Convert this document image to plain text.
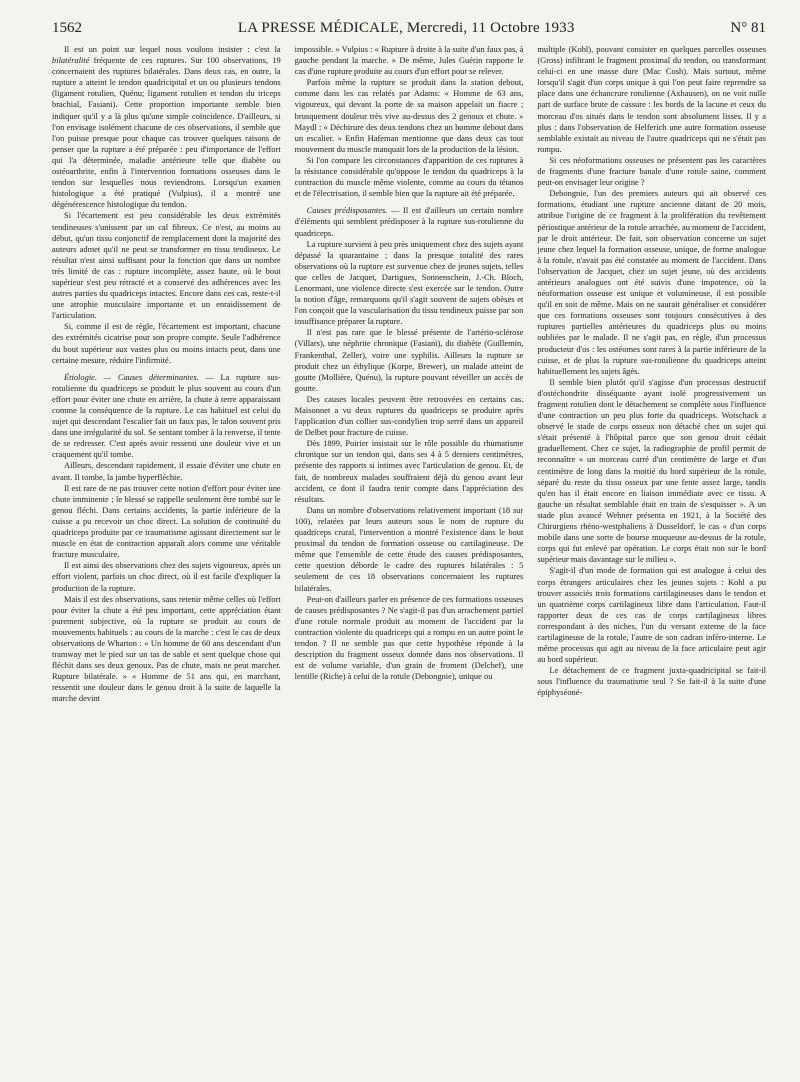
1562	LA PRESSE MÉDICALE, Mercredi, 11 Octobre 1933	N° 81

Il est un point sur lequel nous voulons insister : c'est la bilatéralité fréquente de ces ruptures. Sur 100 observations, 19 concernaient des ruptures bilatérales. Dans deux cas, en outre, la rupture a atteint le tendon quadricipital et un ou plusieurs tendons (ligament rotulien, Quénu; ligament rotulien et tendon du triceps brachial, Fasiani). Cette proportion importante semble bien indiquer qu'il y a là plus qu'une simple coïncidence. D'ailleurs, si l'on envisage isolément chacune de ces observations, il semble que l'on puisse presque pour chaque cas trouver quelques raisons de penser que la rupture a été préparée : peu d'importance de l'effort qui l'a déterminée, maladie antérieure telle que diabète ou ostéoarthrite, enfin à l'intervention formations osseuses dans le tendon sur lesquelles nous reviendrons. Lorsqu'un examen histologique a été pratiqué (Vulpius), il a montré une dégénérescence histologique du tendon.

Si l'écartement est peu considérable les deux extrémités tendineuses s'unissent par un cal fibreux. Ce n'est, au moins au début, qu'un tissu conjonctif de remplacement dont la majorité des auteurs admet qu'il ne peut se transformer en tissu tendineux. Le résultat n'est ainsi suffisant pour la fonction que dans un nombre très limité de cas : rupture incomplète, assez haute, où le bout supérieur s'est peu rétracté et a conservé des adhérences avec les autres parties du quadriceps intactes. Encore dans ces cas, reste-t-il une atrophie musculaire importante et un enraidissement de l'articulation.

Si, comme il est de règle, l'écartement est important, chacune des extrémités cicatrise pour son propre compte. Seule l'adhérence du bout supérieur aux vastes plus ou moins intacts peut, dans une certaine mesure, réduire l'infirmité.

Étiologie. — Causes déterminantes. — La rupture sus-rotulienne du quadriceps se produit le plus souvent au cours d'un effort pour éviter une chute en arrière, la chute à terre apparaissant comme la conséquence de la rupture. Le cas habituel est celui du sujet qui descendant l'escalier fait un faux pas, le talon souvent pris dans une irrégularité du sol. Se sentant tomber à la renverse, il tente de se redresser. C'est après avoir ressenti une douleur vive et un craquement qu'il tombe.

Ailleurs, descendant rapidement, il essaie d'éviter une chute en avant. Il tombe, la jambe hyperfléchie.

Il est rare de ne pas trouver cette notion d'effort pour éviter une chute imminente ; le blessé se rappelle seulement être tombé sur le genou fléchi. Dans certains accidents, la partie inférieure de la cuisse a pu recevoir un choc direct. La solution de continuité du quadriceps produite par ce traumatisme agissant directement sur le muscle en état de contraction apparaît alors comme une véritable fracture musculaire.

Il est ainsi des observations chez des sujets vigoureux, après un effort violent, parfois un choc direct, où il est facile d'expliquer la production de la rupture.

Mais il est des observations, sans retenir même celles où l'effort pour éviter la chute a été peu important, cette appréciation étant purement subjective, où la rupture se produit au cours de mouvements habituels : au cours de la marche : c'est le cas de deux observations de Wharton : « Un homme de 60 ans descendant d'un tramway met le pied sur un tas de sable et sent quelque chose qui fléchit dans ses deux genoux. Pas de chute, mais ne peut marcher. Rupture bilatérale. » « Homme de 51 ans qui, en marchant, ressentit une douleur dans le genou droit à la suite de laquelle la marche devint

impossible. » Vulpius : « Rupture à droite à la suite d'un faux pas, à gauche pendant la marche. » De même, Jules Guérin rapporte le cas d'une rupture produite au cours d'un effort pour se relever.

Parfois même la rupture se produit dans la station debout, comme dans les cas relatés par Adams: « Homme de 63 ans, vigoureux, qui devant la porte de sa maison appelait un fiacre ; brusquement douleur très vive au-dessus des 2 genoux et chute. » Maydl : « Déchirure des deux tendons chez un homme debout dans un escalier. » Enfin Hafeman mentionne que dans deux cas tout mouvement du muscle manquait lors de la production de la lésion.

Si l'on compare les circonstances d'apparition de ces ruptures à la résistance considérable qu'oppose le tendon du quadriceps à la contraction du muscle même violente, comme au cours du tétanos et de l'électrisation, il semble bien que la rupture ait été préparée.

Causes prédisposantes. — Il est d'ailleurs un certain nombre d'éléments qui semblent prédisposer à la rupture sus-rotulienne du quadriceps.

La rupture survient à peu près uniquement chez des sujets ayant dépassé la quarantaine ; dans la presque totalité des rares observations où la rupture est survenue chez de jeunes sujets, telles que celles de Jacquet, Dartigues, Sonnenschein, J.-Ch. Bloch, Lenormant, une violence directe s'est exercée sur le tendon. Outre la notion d'âge, remarquons qu'il s'agit souvent de sujets obèses et l'on conçoit que la vascularisation du tissu tendineux puisse par son insuffisance préparer la rupture.

Il n'est pas rare que le blessé présente de l'artério-sclérose (Villars), une néphrite chronique (Fasiani), du diabète (Guillemin, Frankenthal, Zeller), voire une syphilis. Ailleurs la rupture se produit chez un éthylique (Korpe, Brewer), un malade atteint de goutte (Mollière, Quénu), la rupture pouvant réveiller un accès de goutte.

Des causes locales peuvent être retrouvées en certains cas. Maisonnet a vu deux ruptures du quadriceps se produire après l'application d'un collier sus-condylien trop serré dans un appareil de Delbet pour fracture de cuisse.

Dès 1899, Poirier insistait sur le rôle possible du rhumatisme chronique sur un tendon qui, dans ses 4 à 5 derniers centimètres, présente des rapports si intimes avec l'articulation de genou. Et, de fait, de nombreux malades souffraient déjà du genou avant leur accident, ce dont il faudra tenir compte dans l'appréciation des résultats.

Dans un nombre d'observations relativement important (18 sur 100), relatées par leurs auteurs sous le nom de rupture du quadriceps crural, l'intervention a montré l'existence dans le bout proximal du tendon de formation osseuse ou cartilagineuse. De même que l'ensemble de cette étude des causes prédisposantes, cette question déborde le cadre des ruptures bilatérales : 5 seulement de ces 18 observations concernaient les ruptures bilatérales.

Peut-on d'ailleurs parler en présence de ces formations osseuses de causes prédisposantes ? Ne s'agit-il pas d'un arrachement partiel d'une rotule normale produit au moment de l'accident par la contraction violente du quadriceps qui a rompu en un autre point le tendon ? Il ne semble pas que cette hypothèse réponde à la description du fragment osseux donnée dans nos observations. Il est de volume variable, d'un grain de froment (Delchef), une lentille (Riche) à celui de la rotule (Debongnie), unique ou

multiple (Kohl), pouvant consister en quelques parcelles osseuses (Gross) infiltrant le fragment proximal du tendon, ou transformant celui-ci en une masse dure (Mac Cosh). Mais surtout, même lorsqu'il s'agit d'un corps unique à qui l'on peut faire reprendre sa place dans une échancrure rotulienne (Axhausen), on ne voit nulle part de surface brute de cassure : les bords de la lacune et ceux du morceau d'os situés dans le tendon sont absolument lisses. Il y a plus : dans l'observation de Helferich une autre formation osseuse semblable existait au niveau de l'autre quadriceps qui ne s'était pas rompu.

Si ces néoformations osseuses ne présentent pas les caractères de fragments d'une fracture banale d'une rotule saine, comment peut-on envisager leur origine ?

Debongnie, l'un des premiers auteurs qui ait observé ces formations, étudiant une rupture ancienne datant de 20 mois, attribue l'origine de ce fragment à la prolifération du revêtement périostique antérieur de la rotule arrachée, au moment de l'accident, par le droit antérieur. De fait, son observation concerne un sujet jeune chez lequel la formation osseuse, unique, de forme analogue à la rotule, n'avait pas été constatée au moment de l'accident. Dans l'observation de Jacquet, chez un sujet jeune, où des accidents antérieurs analogues ont été suivis d'une impotence, où la néoformation osseuse est unique et volumineuse, il est possible qu'il en soit de même. Mais on ne saurait généraliser et considérer que ces formations osseuses sont toujours consécutives à des ruptures partielles antérieures du quadriceps plus ou moins oubliées par le malade. Il ne s'agit pas, en règle, d'un processus producteur d'os : les ostéomes sont rares à la partie inférieure de la cuisse, et de plus la rupture sus-rotulienne du quadriceps atteint habituellement les sujets âgés.

Il semble bien plutôt qu'il s'agisse d'un processus destructif d'ostéchondrite disséquante ayant isolé progressivement un fragment rotulien dont le détachement se complète sous l'influence d'une contraction un peu plus forte du quadriceps. Wotschack a observé le stade de corps osseux non détaché chez un sujet qui s'était présenté à l'hôpital parce que son genou droit cédait graduellement. Chez ce sujet, la radiographie de profil permit de reconnaître « un morceau carré d'un centimètre de large et d'un centimètre de long dans la moitié du bord supérieur de la rotule, séparé du reste du tissu osseux par une fente assez large, tandis qu'en bas il était encore en liaison immédiate avec ce tissu. A gauche un résultat semblable était en train de s'esquisser ». A un stade plus avancé Wehner présenta en 1921, à la Société des Chirurgiens rhéno-westphaliens à Dusseldorf, le cas « d'un corps mobile dans une sorte de bourse muqueuse au-dessus de la rotule, corps qui fut enlevé par opération. Le corps était non sur le bord supérieur mais davantage sur le milieu ».

S'agit-il d'un mode de formation qui est analogue à celui des corps étrangers articulaires chez les jeunes sujets : Kohl a pu trouver associés trois formations cartilagineuses dans le tendon et un quatrième corps cartilagineux libre dans l'articulation. Faut-il rapporter deux de ces cas de corps cartilagineux libres correspondant à des niches, l'un du versant externe de la face cartilagineuse de la rotule, l'autre de son cadran inféro-interne. Le même processus qui agit au niveau de la face articulaire peut agir au bord supérieur.

Le détachement de ce fragment juxta-quadricipital se fait-il sous l'influence du traumatisme seul ? Se fait-il à la suite d'une épiphyséoné-
